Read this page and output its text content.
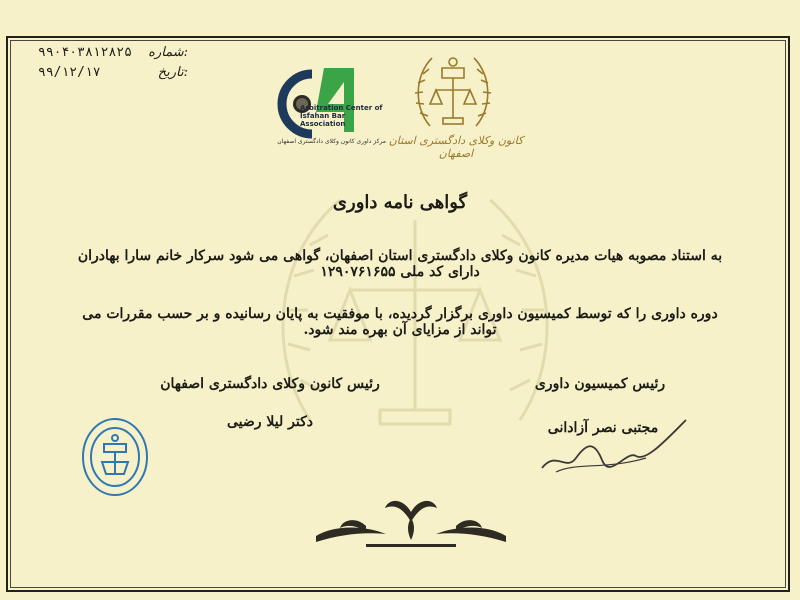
۹۹۰۴۰۳۸۱۲۸۲۵ شماره:
۹۹/۱۲/۱۷	تاریخ:
Arbitration Center of
Isfahan Bar Association
مرکز داوری کانون وکلای دادگستری اصفهان کانون وکلای دادگستری استان اصفهان
گواهی نامه داوری
به استناد مصوبه هیات مدیره کانون وکلای دادگستری استان اصفهان، گواهی می شود سرکار خانم سارا بهادران دارای کد ملی ۱۲۹۰۷۶۱۶۵۵
دوره داوری را که توسط کمیسیون داوری برگزار گردیده، با موفقیت به پایان رسانیده و بر حسب مقررات می تواند از مزایای آن بهره مند شود.
رئیس کانون وکلای دادگستری اصفهان
دکتر لیلا رضیی
رئیس کمیسیون داوری
مجتبی نصر آزادانی
